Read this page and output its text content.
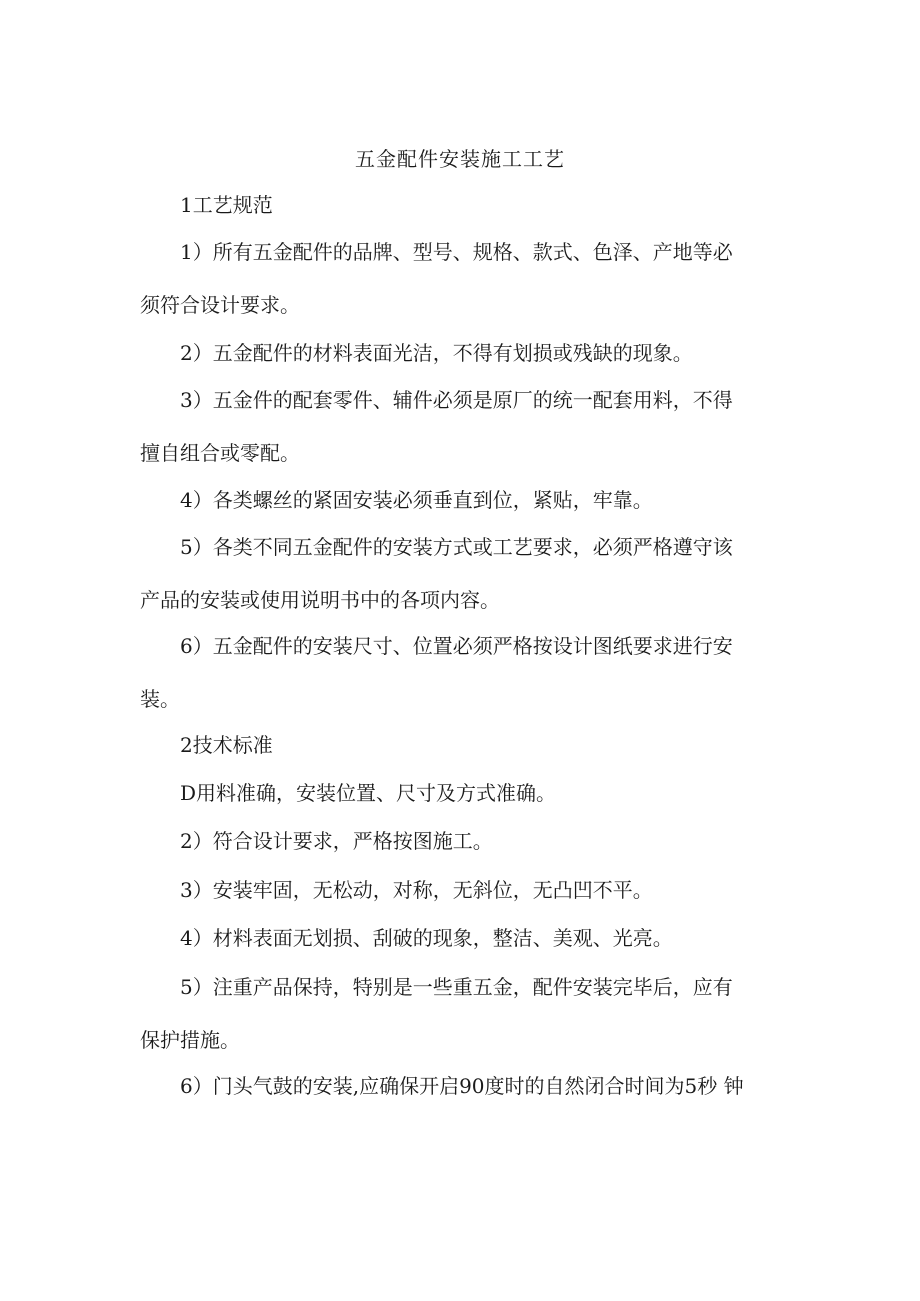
五金配件安装施工工艺
1工艺规范
1）所有五金配件的品牌、型号、规格、款式、色泽、产地等必
须符合设计要求。
2）五金配件的材料表面光洁，不得有划损或残缺的现象。
3）五金件的配套零件、辅件必须是原厂的统一配套用料，不得
擅自组合或零配。
4）各类螺丝的紧固安装必须垂直到位，紧贴，牢靠。
5）各类不同五金配件的安装方式或工艺要求，必须严格遵守该
产品的安装或使用说明书中的各项内容。
6）五金配件的安装尺寸、位置必须严格按设计图纸要求进行安
装。
2技术标准
D用料准确，安装位置、尺寸及方式准确。
2）符合设计要求，严格按图施工。
3）安装牢固，无松动，对称，无斜位，无凸凹不平。
4）材料表面无划损、刮破的现象，整洁、美观、光亮。
5）注重产品保持，特别是一些重五金，配件安装完毕后，应有
保护措施。
6）门头气鼓的安装,应确保开启90度时的自然闭合时间为5秒 钟
